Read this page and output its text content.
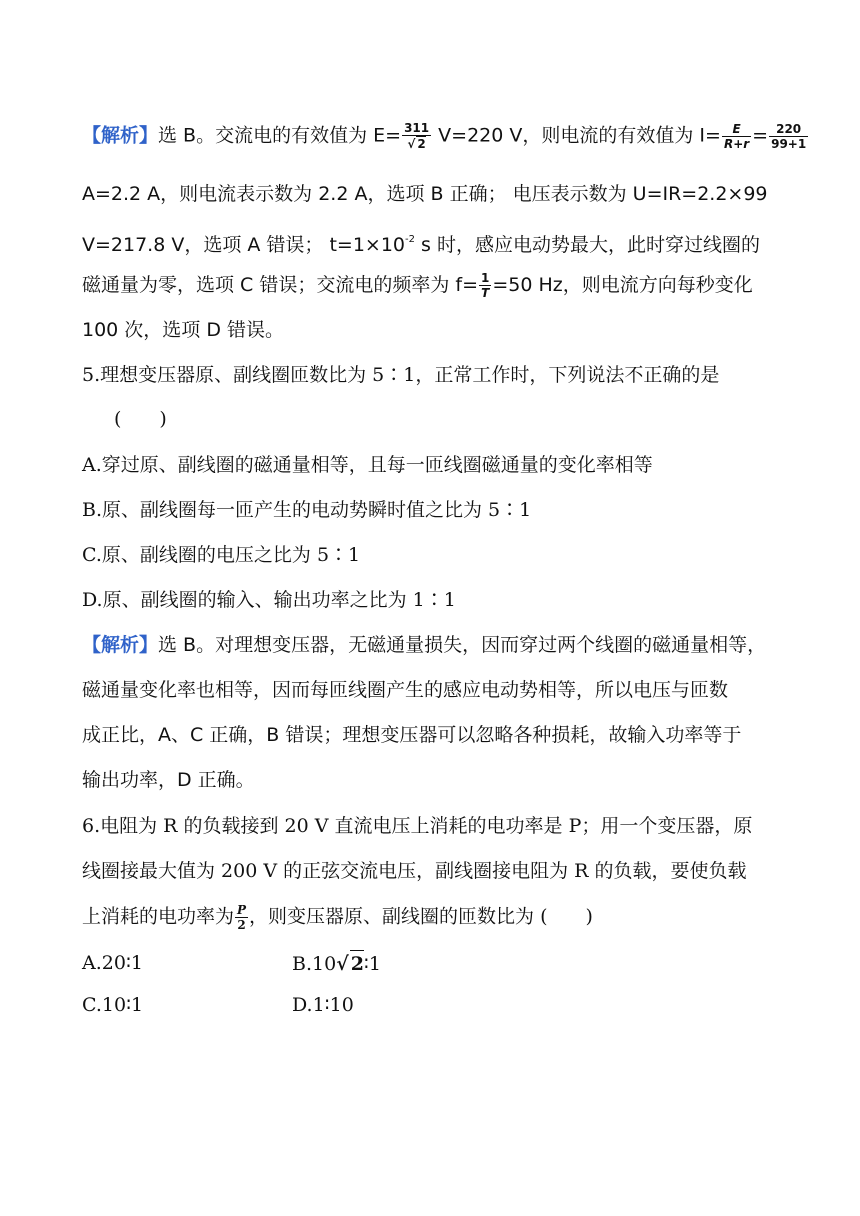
【解析】选 B。交流电的有效值为 $E= \frac{311}{√ 2} V=220$ V，则电流的有效值为 $I= \frac{E}{R+r} = \frac{220}{99+1}$
A=2.2 A，则电流表示数为 2.2 A，选项 B 正确； 电压表示数为 U=IR=2.2×99
V=217.8 V，选项 A 错误； $t=1\times 10^{-2}$ s 时，感应电动势最大，此时穿过线圈的
磁通量为零，选项 C 错误；交流电的频率为 $f= \frac{1}{T} =50$ Hz，则电流方向每秒变化
100 次，选项 D 错误。
5.理想变压器原、副线圈匝数比为 5∶1，正常工作时，下列说法不正确的是
(　　)
A.穿过原、副线圈的磁通量相等，且每一匝线圈磁通量的变化率相等
B.原、副线圈每一匝产生的电动势瞬时值之比为 5∶1
C.原、副线圈的电压之比为 5∶1
D.原、副线圈的输入、输出功率之比为 1∶1
【解析】选 B。对理想变压器，无磁通量损失，因而穿过两个线圈的磁通量相等，
磁通量变化率也相等，因而每匝线圈产生的感应电动势相等，所以电压与匝数
成正比，A、C 正确，B 错误；理想变压器可以忽略各种损耗，故输入功率等于
输出功率，D 正确。
6.电阻为 R 的负载接到 20 V 直流电压上消耗的电功率是 P；用一个变压器，原
线圈接最大值为 200 V 的正弦交流电压，副线圈接电阻为 R 的负载，要使负载
上消耗的电功率为 $\frac{P}{2}$ ，则变压器原、副线圈的匝数比为 (　　)
A.20∶1	B.10√ 2∶1
C.10∶1	D.1∶10
